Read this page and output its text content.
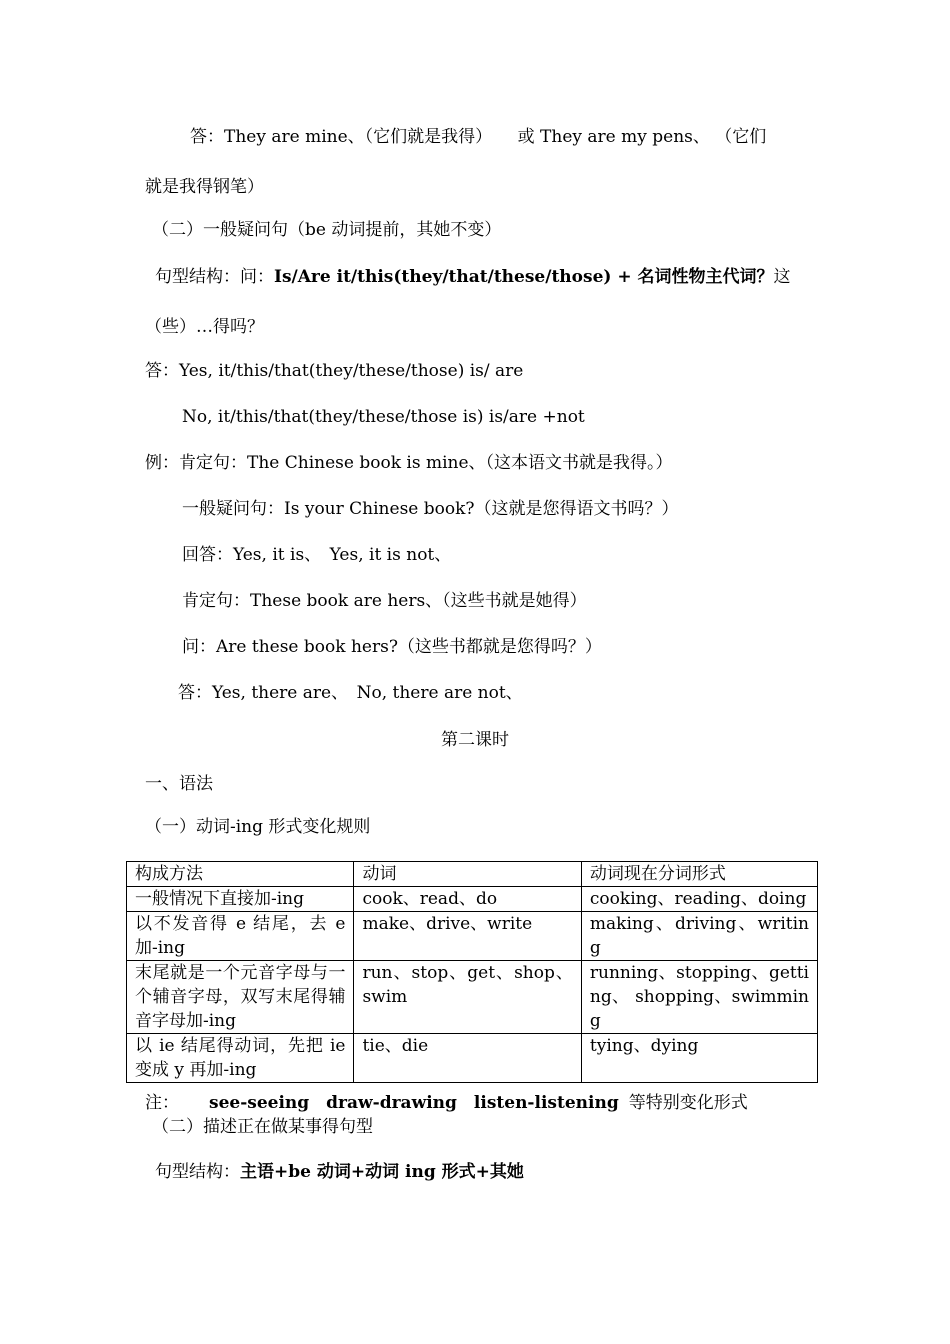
答：They are mine、（它们就是我得）　　或 They are my pens、 （它们
就是我得钢笔）
（二）一般疑问句（be 动词提前，其她不变）
句型结构：问：Is/Are it/this(they/that/these/those) + 名词性物主代词？这
（些）…得吗？
答：Yes, it/this/that(they/these/those) is/ are
No, it/this/that(they/these/those is) is/are +not
例：肯定句：The Chinese book is mine、（这本语文书就是我得。）
一般疑问句：Is your Chinese book?（这就是您得语文书吗？）
回答：Yes, it is、　Yes, it is not、
肯定句：These book are hers、（这些书就是她得）
问：Are these book hers?（这些书都就是您得吗？）
答：Yes, there are、　No, there are not、
第二课时
一、语法
（一）动词-ing 形式变化规则
构成方法	动词	动词现在分词形式
一般情况下直接加-ing	cook、read、do	cooking、reading、doing
以不发音得 e 结尾，去 e 加-ing	make、drive、write	making、driving、writing
末尾就是一个元音字母与一个辅音字母，双写末尾得辅音字母加-ing	run、stop、get、shop、swim	running、stopping、getting、 shopping、swimming
以 ie 结尾得动词，先把 ie 变成 y 再加-ing	tie、die	tying、dying
注： see-seeing　draw-drawing　listen-listening 等特别变化形式
（二）描述正在做某事得句型
句型结构：主语+be 动词+动词 ing 形式+其她
